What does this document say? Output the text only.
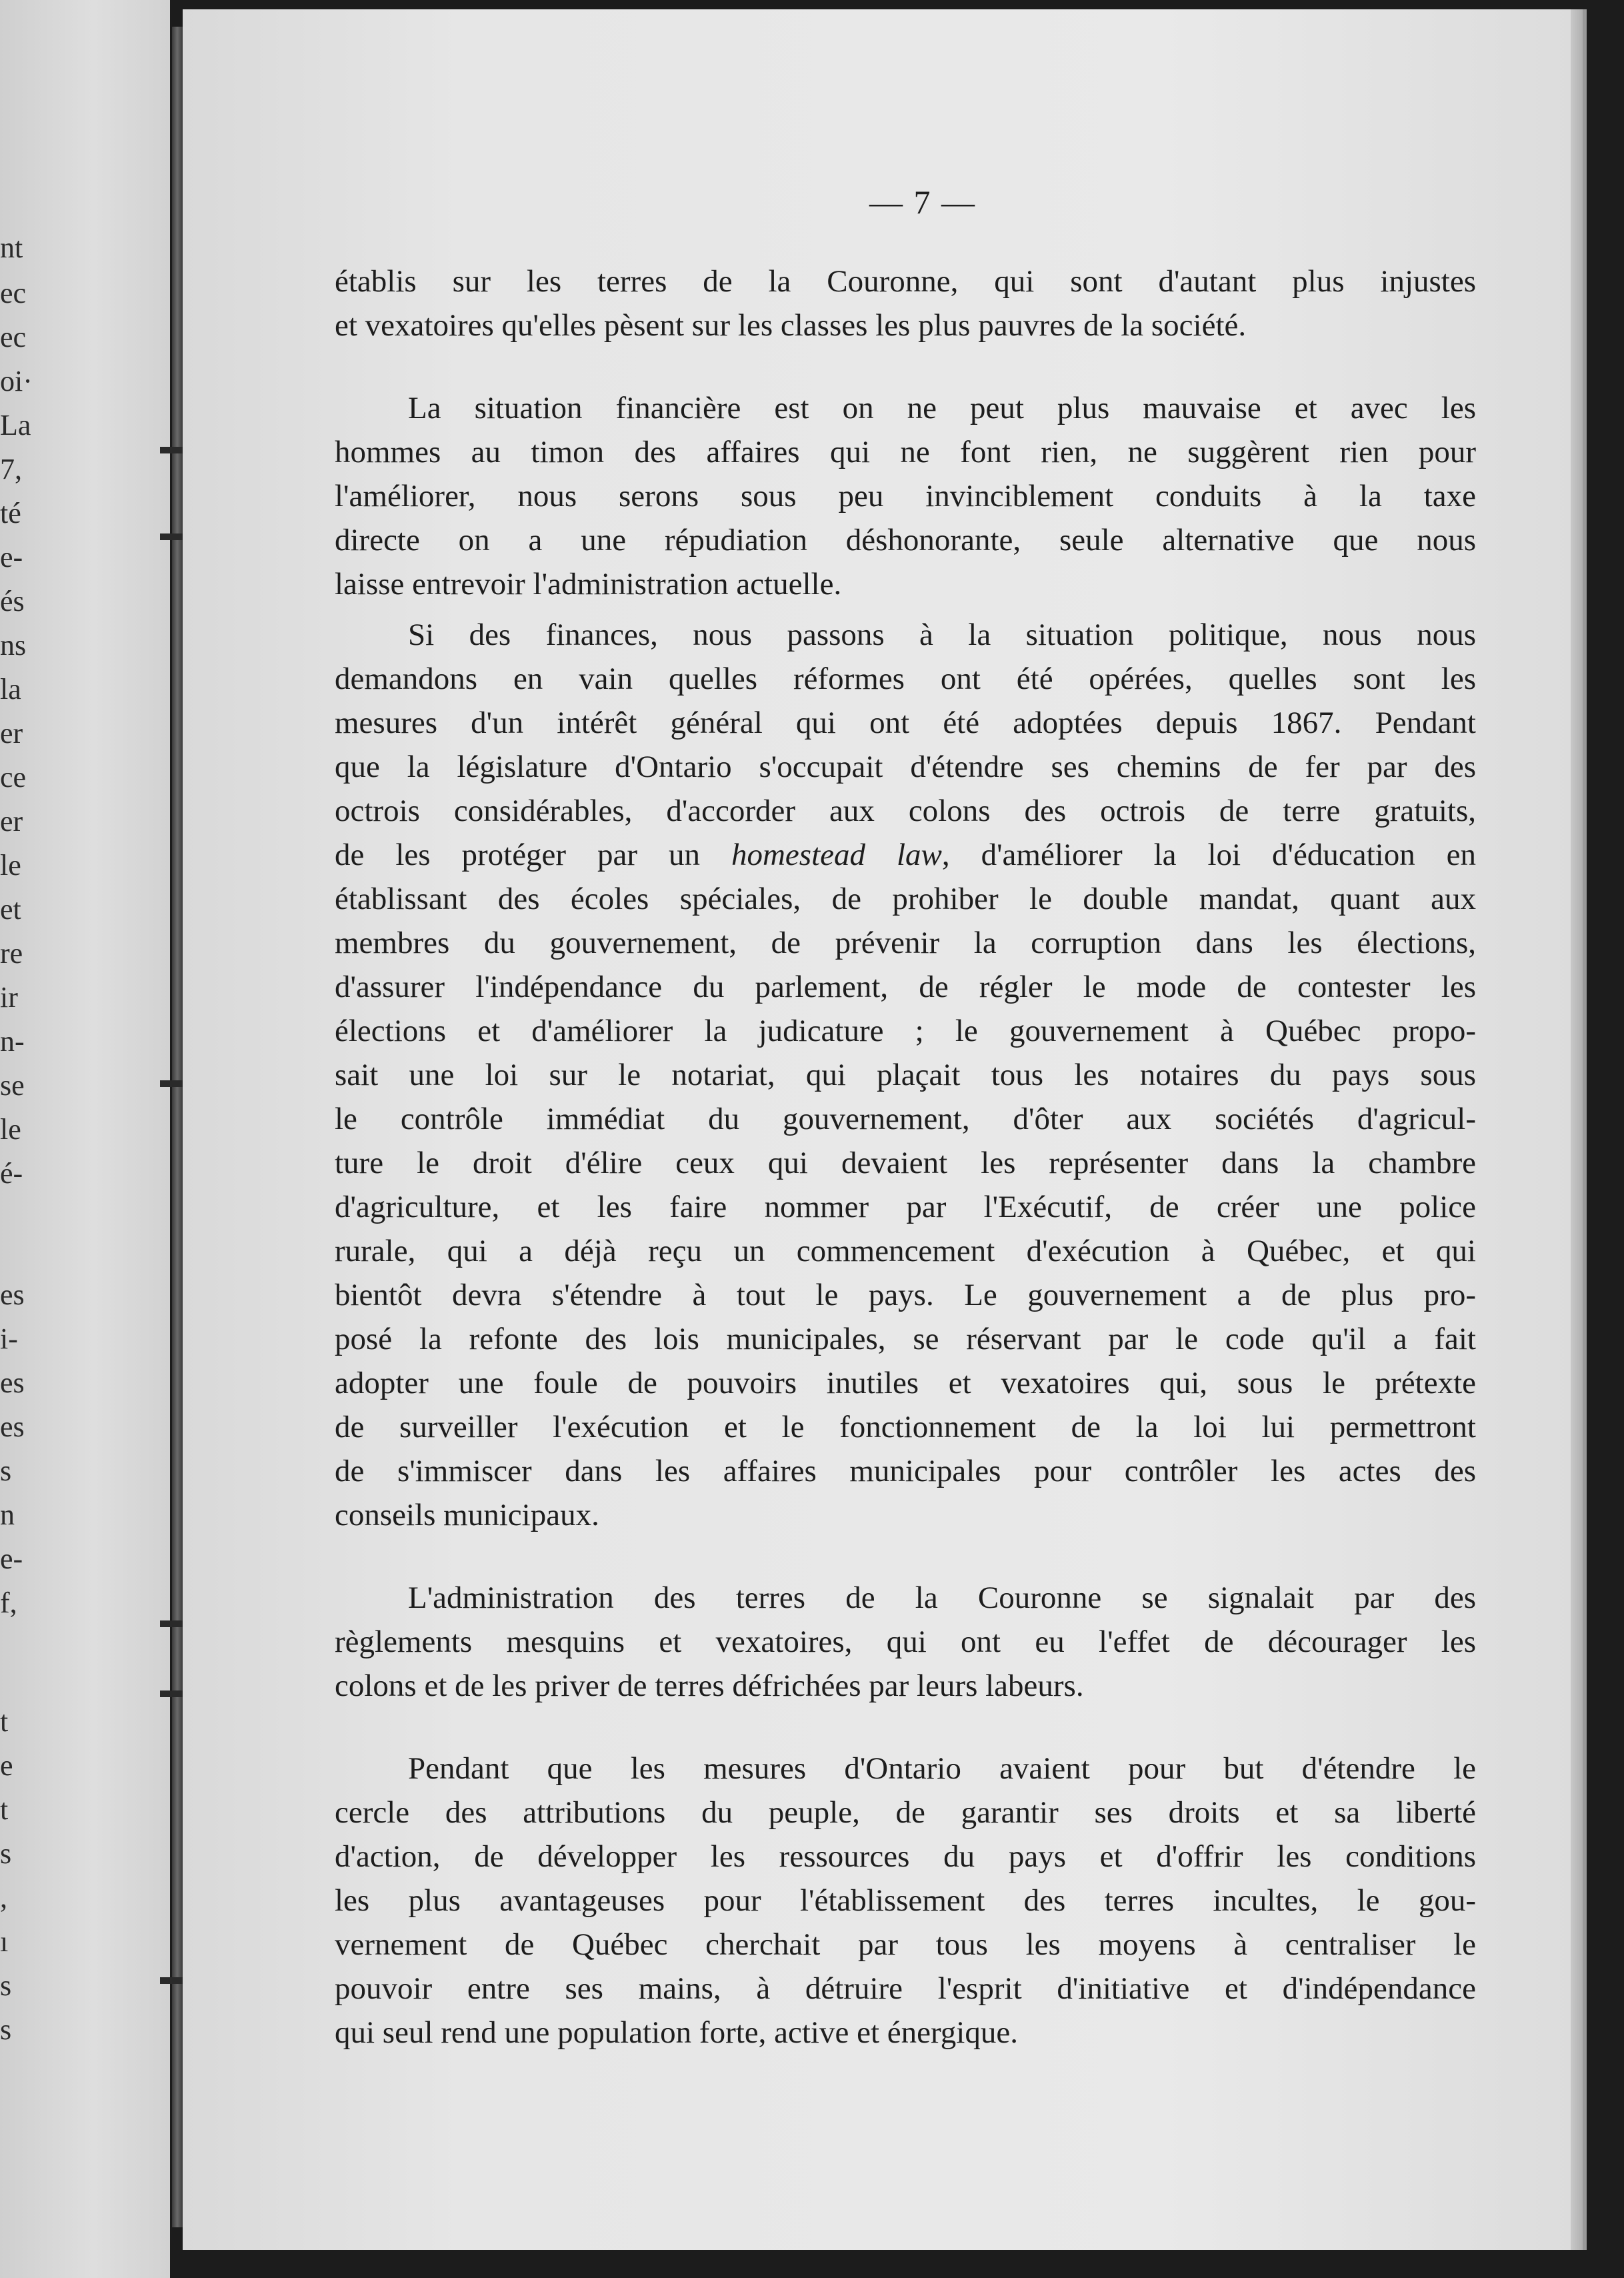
nt
ec
ec
oi·
La
7,
té
e-
és
ns
la
er
ce
er
le
et
re
ir
n-
se
le
é-
es
i-
es
es
s
n
e-
f,
t
e
t
s
,
ı
s
s
— 7 —
établis sur les terres de la Couronne, qui sont d'autant plus injustes
et vexatoires qu'elles pèsent sur les classes les plus pauvres de la société.
La situation financière est on ne peut plus mauvaise et avec les
hommes au timon des affaires qui ne font rien, ne suggèrent rien pour
l'améliorer, nous serons sous peu invinciblement conduits à la taxe
directe on a une répudiation déshonorante, seule alternative que nous
laisse entrevoir l'administration actuelle.
Si des finances, nous passons à la situation politique, nous nous
demandons en vain quelles réformes ont été opérées, quelles sont les
mesures d'un intérêt général qui ont été adoptées depuis 1867. Pendant
que la législature d'Ontario s'occupait d'étendre ses chemins de fer par des
octrois considérables, d'accorder aux colons des octrois de terre gratuits,
de les protéger par un homestead law, d'améliorer la loi d'éducation en
établissant des écoles spéciales, de prohiber le double mandat, quant aux
membres du gouvernement, de prévenir la corruption dans les élections,
d'assurer l'indépendance du parlement, de régler le mode de contester les
élections et d'améliorer la judicature ; le gouvernement à Québec propo-
sait une loi sur le notariat, qui plaçait tous les notaires du pays sous
le contrôle immédiat du gouvernement, d'ôter aux sociétés d'agricul-
ture le droit d'élire ceux qui devaient les représenter dans la chambre
d'agriculture, et les faire nommer par l'Exécutif, de créer une police
rurale, qui a déjà reçu un commencement d'exécution à Québec, et qui
bientôt devra s'étendre à tout le pays. Le gouvernement a de plus pro-
posé la refonte des lois municipales, se réservant par le code qu'il a fait
adopter une foule de pouvoirs inutiles et vexatoires qui, sous le prétexte
de surveiller l'exécution et le fonctionnement de la loi lui permettront
de s'immiscer dans les affaires municipales pour contrôler les actes des
conseils municipaux.
L'administration des terres de la Couronne se signalait par des
règlements mesquins et vexatoires, qui ont eu l'effet de décourager les
colons et de les priver de terres défrichées par leurs labeurs.
Pendant que les mesures d'Ontario avaient pour but d'étendre le
cercle des attributions du peuple, de garantir ses droits et sa liberté
d'action, de développer les ressources du pays et d'offrir les conditions
les plus avantageuses pour l'établissement des terres incultes, le gou-
vernement de Québec cherchait par tous les moyens à centraliser le
pouvoir entre ses mains, à détruire l'esprit d'initiative et d'indépendance
qui seul rend une population forte, active et énergique.
